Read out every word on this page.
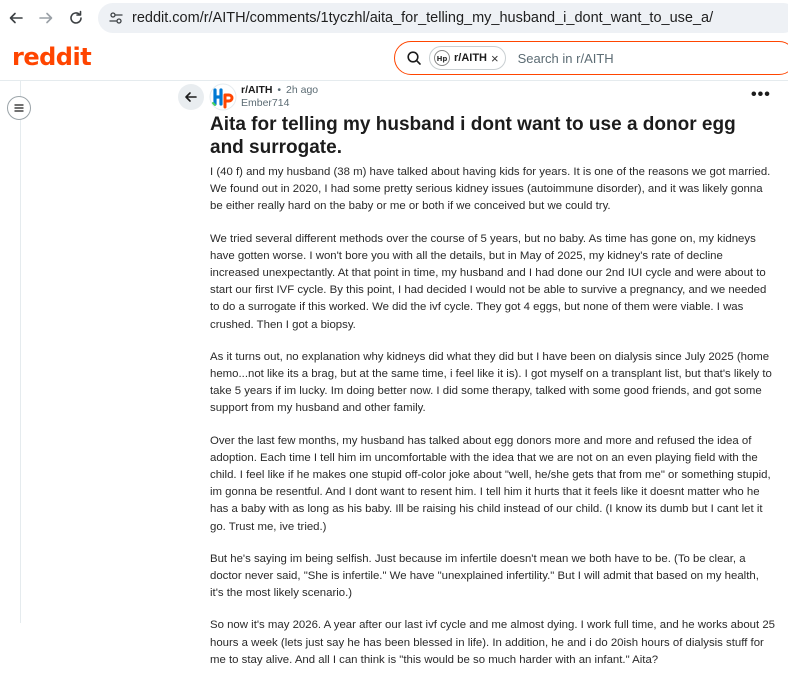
reddit.com/r/AITH/comments/1tyczhl/aita_for_telling_my_husband_i_dont_want_to_use_a/
reddit	Hp r/AITH ×
Search in r/AITH
r/AITH • 2h ago
Ember714	•••
Aita for telling my husband i dont want to use a donor egg and surrogate.

I (40 f) and my husband (38 m) have talked about having kids for years. It is one of the reasons we got married. We found out in 2020, I had some pretty serious kidney issues (autoimmune disorder), and it was likely gonna be either really hard on the baby or me or both if we conceived but we could try.

We tried several different methods over the course of 5 years, but no baby. As time has gone on, my kidneys have gotten worse. I won't bore you with all the details, but in May of 2025, my kidney's rate of decline increased unexpectantly. At that point in time, my husband and I had done our 2nd IUI cycle and were about to start our first IVF cycle. By this point, I had decided I would not be able to survive a pregnancy, and we needed to do a surrogate if this worked. We did the ivf cycle. They got 4 eggs, but none of them were viable. I was crushed. Then I got a biopsy.

As it turns out, no explanation why kidneys did what they did but I have been on dialysis since July 2025 (home hemo...not like its a brag, but at the same time, i feel like it is). I got myself on a transplant list, but that's likely to take 5 years if im lucky. Im doing better now. I did some therapy, talked with some good friends, and got some support from my husband and other family.

Over the last few months, my husband has talked about egg donors more and more and refused the idea of adoption. Each time I tell him im uncomfortable with the idea that we are not on an even playing field with the child. I feel like if he makes one stupid off-color joke about "well, he/she gets that from me" or something stupid, im gonna be resentful. And I dont want to resent him. I tell him it hurts that it feels like it doesnt matter who he has a baby with as long as his baby. Ill be raising his child instead of our child. (I know its dumb but I cant let it go. Trust me, ive tried.)

But he's saying im being selfish. Just because im infertile doesn't mean we both have to be. (To be clear, a doctor never said, "She is infertile." We have "unexplained infertility." But I will admit that based on my health, it's the most likely scenario.)

So now it's may 2026. A year after our last ivf cycle and me almost dying. I work full time, and he works about 25 hours a week (lets just say he has been blessed in life). In addition, he and i do 20ish hours of dialysis stuff for me to stay alive. And all I can think is "this would be so much harder with an infant." Aita?
